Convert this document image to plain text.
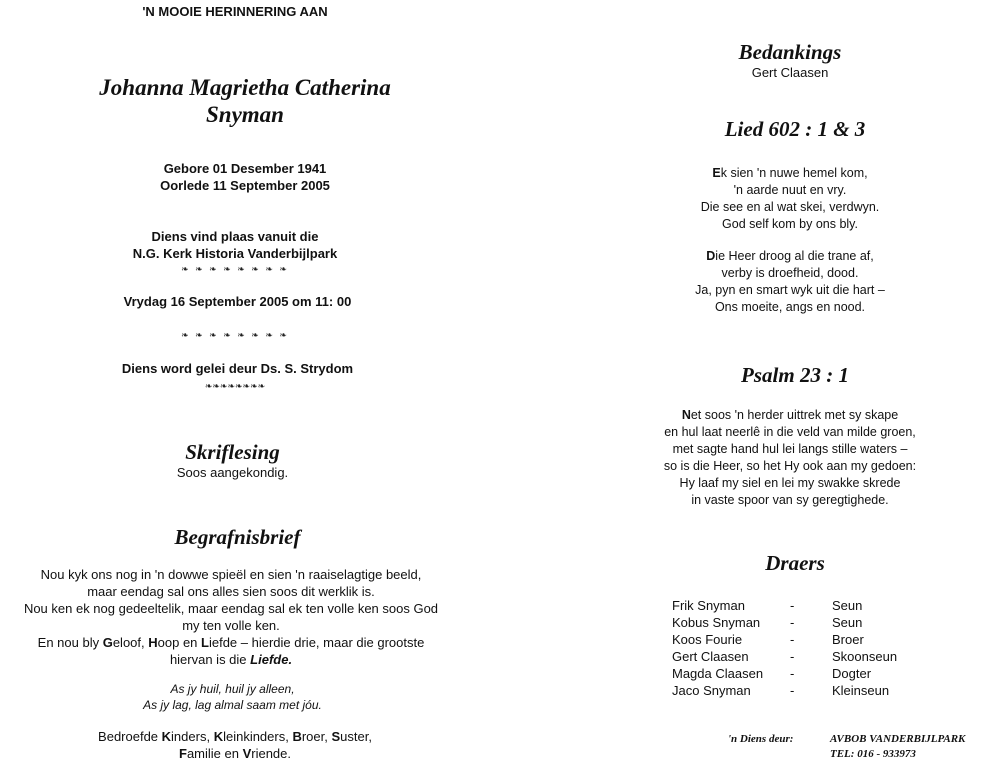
'N MOOIE HERINNERING AAN
Johanna Magrietha Catherina
Snyman
Gebore 01 Desember 1941
Oorlede 11 September 2005
Diens vind plaas vanuit die
N.G. Kerk Historia Vanderbijlpark
❧ ❧ ❧ ❧ ❧ ❧ ❧ ❧
Vrydag 16 September 2005 om 11: 00
❧ ❧ ❧ ❧ ❧ ❧ ❧ ❧
Diens word gelei deur Ds. S. Strydom
❧❧❧❧❧❧❧❧
Skriflesing
Soos aangekondig.
Begrafnisbrief
Nou kyk ons nog in 'n dowwe spieël en sien 'n raaiselagtige beeld,
maar eendag sal ons alles sien soos dit werklik is.
Nou ken ek nog gedeeltelik, maar eendag sal ek ten volle ken soos God
my ten volle ken.
En nou bly Geloof, Hoop en Liefde – hierdie drie, maar die grootste
hiervan is die Liefde.
As jy huil, huil jy alleen,
As jy lag, lag almal saam met jóu.
Bedroefde Kinders, Kleinkinders, Broer, Suster,
Familie en Vriende.
Bedankings
Gert Claasen
Lied 602 : 1 & 3
Ek sien 'n nuwe hemel kom,
'n aarde nuut en vry.
Die see en al wat skei, verdwyn.
God self kom by ons bly.
Die Heer droog al die trane af,
verby is droefheid, dood.
Ja, pyn en smart wyk uit die hart –
Ons moeite, angs en nood.
Psalm 23 : 1
Net soos 'n herder uittrek met sy skape
en hul laat neerlê in die veld van milde groen,
met sagte hand hul lei langs stille waters –
so is die Heer, so het Hy ook aan my gedoen:
Hy laaf my siel en lei my swakke skrede
in vaste spoor van sy geregtighede.
Draers
Frik Snyman	-	Seun
Kobus Snyman	-	Seun
Koos Fourie	-	Broer
Gert Claasen	-	Skoonseun
Magda Claasen	-	Dogter
Jaco Snyman	-	Kleinseun
'n Diens deur:	AVBOB VANDERBIJLPARK
TEL: 016 - 933973
